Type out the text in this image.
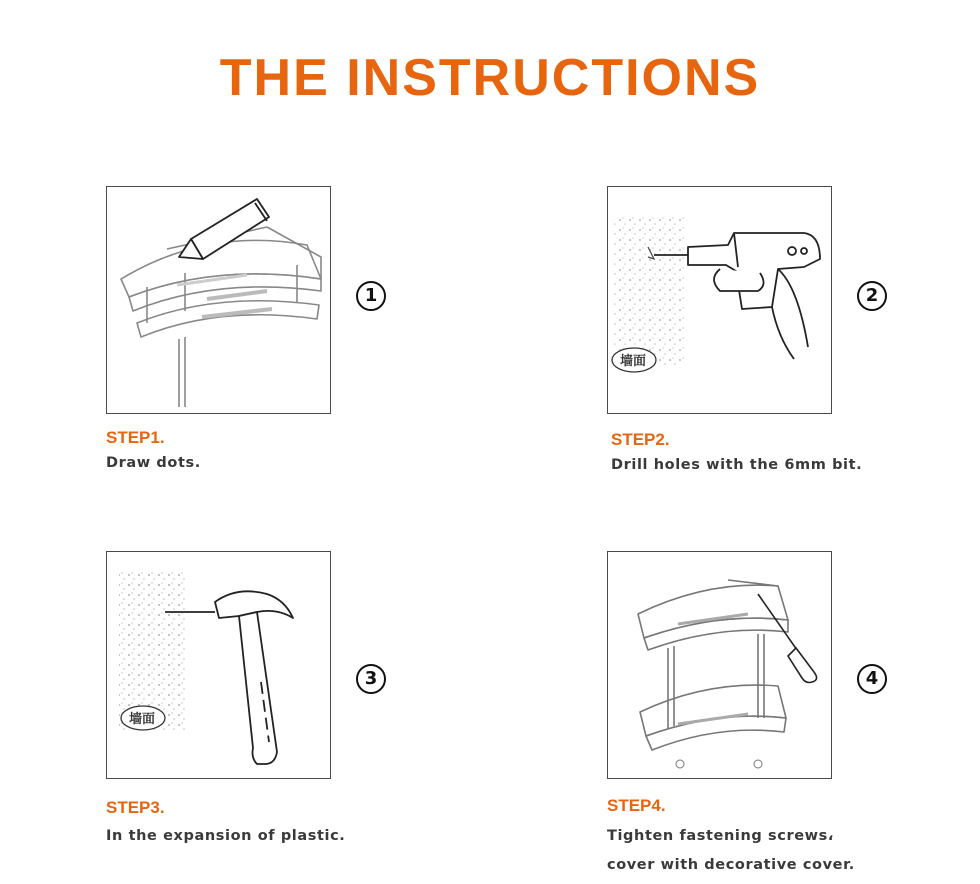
THE INSTRUCTIONS
1
STEP1.
Draw dots.
墙面
2
STEP2.
Drill holes with the 6mm bit.
墙面
3
STEP3.
In the expansion of plastic.
4
STEP4.
Tighten fastening screws،
cover with decorative cover.
